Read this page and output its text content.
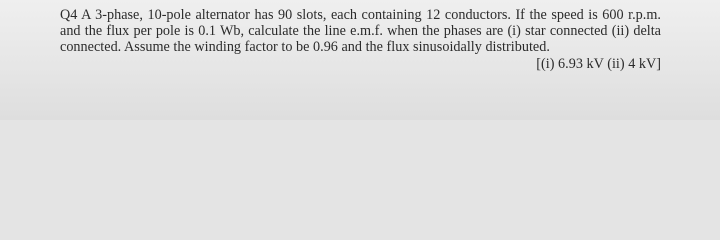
Q4 A 3-phase, 10-pole alternator has 90 slots, each containing 12 conductors. If the speed is 600 r.p.m. and the flux per pole is 0.1 Wb, calculate the line e.m.f. when the phases are (i) star connected (ii) delta connected. Assume the winding factor to be 0.96 and the flux sinusoidally distributed.
[(i) 6.93 kV (ii) 4 kV]
